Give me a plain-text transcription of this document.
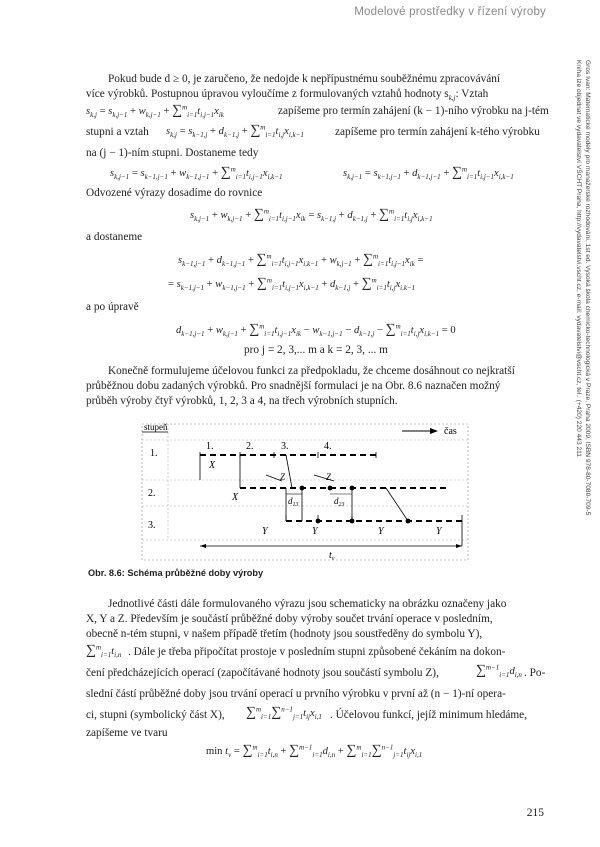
Modelové prostředky v řízení výroby
Gros Ivan: Matematické modely pro manažerské rozhodování, 1st ed. Vysoká škola chemicko-technologická v Praze, Praha 2009, ISBN 978-80-7080-709-5
Kniha lze objednat ve vydavatelství VŠCHT Praha, http://vydavatelstvi.vscht.cz, e-mail: vydavatelstvi@vscht.cz, tel.: (+420) 220 443 211
Pokud bude d ≥ 0, je zaručeno, že nedojde k nepřípustnému souběžnému zpracovávání
více výrobků. Postupnou úpravou vyloučíme z formulovaných vztahů hodnoty $s_{k,j}$: Vztah
$s_{k,j} = s_{k,j-1} + w_{k,j-1} + \sum^m_{i=1}t_{i,j-1}x_{ik}$	zapíšeme pro termín zahájení (k − 1)-ního výrobku na j-tém
stupni a vztah $s_{k,j} = s_{k-1,j} + d_{k-1,j} + \sum^m_{i=1}t_{i,j}x_{i,k-1}$	zapíšeme pro termín zahájení k-tého výrobku
na (j − 1)-ním stupni. Dostaneme tedy
$s_{k,j-1} = s_{k-1,j-1} + w_{k-1,j-1} + \sum^m_{i=1}t_{i,j-1}x_{i,k-1}$	$s_{k,j-1} = s_{k-1,j-1} + d_{k-1,j-1} + \sum^m_{i=1}t_{i,j-1}x_{i,k-1}$
Odvozené výrazy dosadíme do rovnice
$s_{k,j-1} + w_{k,j-1} + \sum^m_{i=1}t_{i,j-1}x_{ik} = s_{k-1,j} + d_{k-1,j} + \sum^m_{i=1}t_{i,j}x_{i,k-1}$
a dostaneme
$s_{k-1,j-1} + d_{k-1,j-1} + \sum^m_{i=1}t_{i,j-1}x_{i,k-1} + w_{k,j-1} + \sum^m_{i=1}t_{i,j-1}x_{ik}$ =
= $s_{k-1,j-1} + w_{k-1,j-1} + \sum^m_{i=1}t_{i,j-1}x_{i,k-1} + d_{k-1,j} + \sum^m_{i=1}t_{i,j}x_{i,k-1}$
a po úpravě
$d_{k-1,j-1} + w_{k,j-1} + \sum^m_{i=1}t_{i,j-1}x_{ik} - w_{k-1,j-1} - d_{k-1,j} - \sum^m_{i=1}t_{i,j}x_{i,k-1} = 0$
pro j = 2, 3,... m a k = 2, 3, ... m
Konečně formulujeme účelovou funkci za předpokladu, že chceme dosáhnout co nejkratší
průběžnou dobu zadaných výrobků. Pro snadnější formulaci je na Obr. 8.6 naznačen možný
průběh výroby čtyř výrobků, 1, 2, 3 a 4, na třech výrobních stupních.
stupeň	čas
1.
2.
3.
1.	2.	3.	4.
X
Z	Z
X	$d_{13}$	$d_{23}$
Y	Y	Y	Y
$t_v$
Obr. 8.6: Schéma průběžné doby výroby
Jednotlivé části dále formulovaného výrazu jsou schematicky na obrázku označeny jako
X, Y a Z. Především je součástí průběžné doby výroby součet trvání operace v posledním,
obecně n-tém stupni, v našem případě třetím (hodnoty jsou soustředěny do symbolu Y),
$\sum^m_{i=1}t_{i,n}$ . Dále je třeba připočítat prostoje v posledním stupni způsobené čekáním na dokon-
čení předcházejících operací (započítávané hodnoty jsou součástí symbolu Z),	$\sum^{m-1}_{i=1}d_{i,n}$ . Po-
slední částí průběžné doby jsou trvání operací u prvního výrobku v první až (n − 1)-ní opera-
ci, stupni (symbolický část X), $\sum^m_{i=1}\sum^{n-1}_{j=1}t_{ij}x_{i,1}$ . Účelovou funkcí, jejíž minimum hledáme,
zapíšeme ve tvaru
$\min t_v = \sum^m_{i=1}t_{i,n} + \sum^{m-1}_{i=1}d_{i,n} + \sum^m_{i=1}\sum^{n-1}_{j=1}t_{ij}x_{i,1}$
215
